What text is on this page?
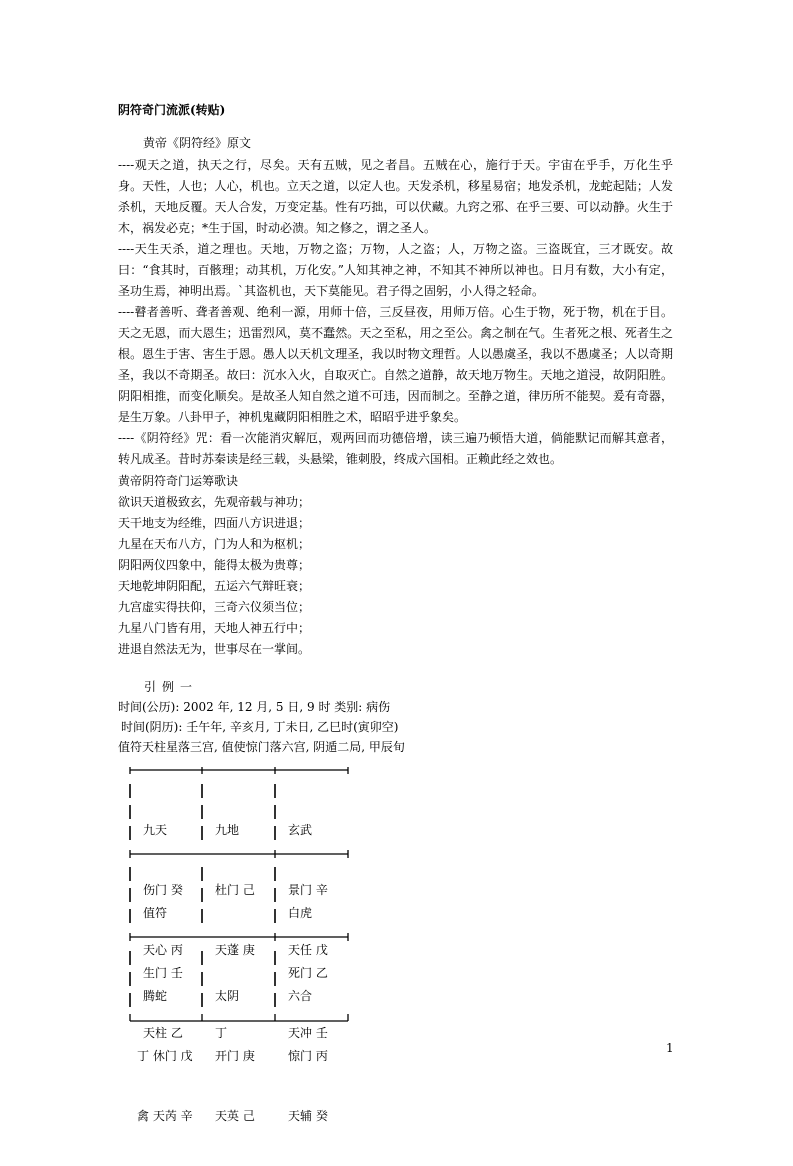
阴符奇门流派(转贴)
黄帝《阴符经》原文

----观天之道，执天之行，尽矣。天有五贼，见之者昌。五贼在心，施行于天。宇宙在乎手，万化生乎身。天性，人也；人心，机也。立天之道，以定人也。天发杀机，移星易宿；地发杀机，龙蛇起陆；人发杀机，天地反覆。天人合发，万变定基。性有巧拙，可以伏藏。九窍之邪、在乎三要、可以动静。火生于木，祸发必克；*生于国，时动必溃。知之修之，谓之圣人。

----天生天杀，道之理也。天地，万物之盗；万物，人之盗；人，万物之盗。三盗既宜，三才既安。故曰：“食其时，百骸理；动其机，万化安。”人知其神之神，不知其不神所以神也。日月有数，大小有定，圣功生焉，神明出焉。`其盗机也，天下莫能见。君子得之固躬，小人得之轻命。

----瞽者善听、聋者善观、绝利一源，用师十倍，三反昼夜，用师万倍。心生于物，死于物，机在于目。天之无恩，而大恩生；迅雷烈风，莫不蠢然。天之至私，用之至公。禽之制在气。生者死之根、死者生之根。恩生于害、害生于恩。愚人以天机文理圣，我以时物文理哲。人以愚虞圣，我以不愚虞圣；人以奇期圣，我以不奇期圣。故曰：沉水入火，自取灭亡。自然之道静，故天地万物生。天地之道浸，故阴阳胜。阴阳相推，而变化顺矣。是故圣人知自然之道不可违，因而制之。至静之道，律历所不能契。爰有奇器，是生万象。八卦甲子，神机鬼藏阴阳相胜之术，昭昭乎进乎象矣。

----《阴符经》咒：看一次能消灾解厄，观两回而功德倍增，读三遍乃顿悟大道，倘能默记而解其意者，转凡成圣。昔时苏秦读是经三载，头悬梁，锥刺股，终成六国相。正赖此经之效也。

黄帝阴符奇门运筹歌诀
欲识天道极致玄，先观帝载与神功；
天干地支为经维，四面八方识进退；
九星在天布八方，门为人和为枢机；
阴阳两仪四象中，能得太极为贵尊；
天地乾坤阴阳配，五运六气辩旺衰；
九宫虚实得扶仰，三奇六仪须当位；
九星八门皆有用，天地人神五行中；
进退自然法无为，世事尽在一掌间。
引例一
时间(公历): 2002 年, 12 月, 5 日, 9 时 类别: 病伤
时间(阴历): 壬午年, 辛亥月, 丁未日, 乙巳时(寅卯空)
值符天柱星落三宫, 值使惊门落六宫, 阴遁二局, 甲辰旬

九天

伤门 癸

天心 丙

九地

杜门 己

天蓬 庚

玄武

景门 辛

天任 戊

值符

生门 壬

天柱 乙

	丁

白虎

死门 乙

天冲 壬

腾蛇

丁 休门 戊

禽 天芮 辛

太阴

开门 庚

天英 己

六合

惊门 丙

天辅 癸

1
